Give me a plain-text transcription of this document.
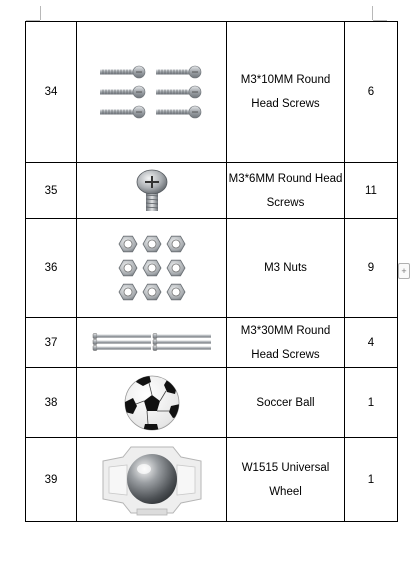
+
34		M3*10MM Round Head Screws	6
35		M3*6MM Round Head Screws	11
36		M3 Nuts	9
37		M3*30MM Round Head Screws	4
38		Soccer Ball	1
39		W1515 Universal Wheel	1
